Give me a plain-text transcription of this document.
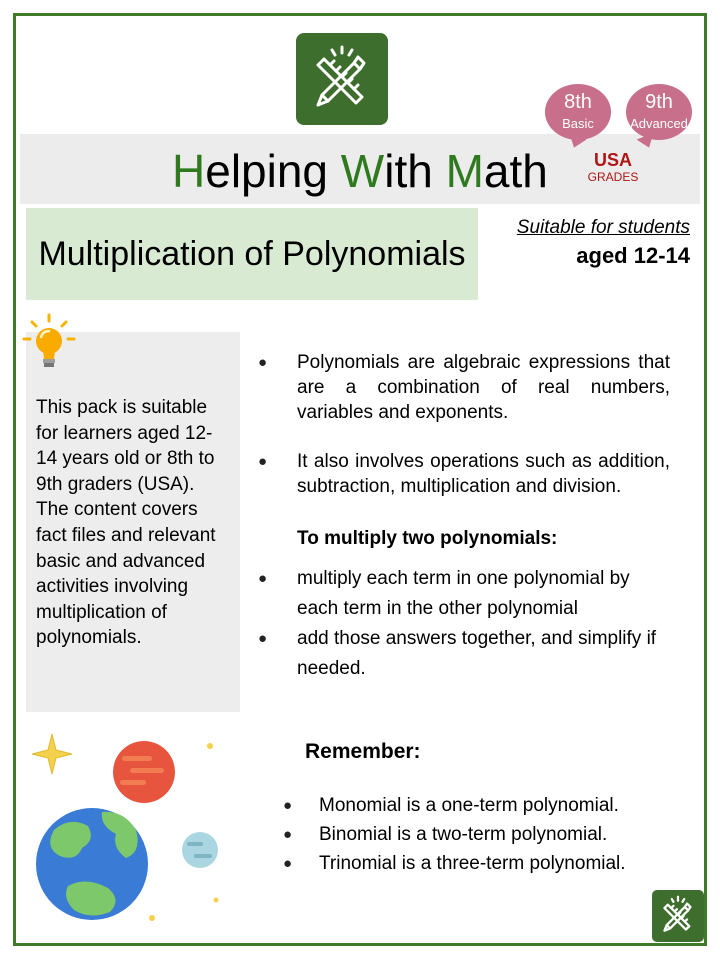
Helping With Math
8th
Basic
9th
Advanced
USA
GRADES
Multiplication of Polynomials
Suitable for students
aged 12-14
This pack is suitable for learners aged 12-14 years old or 8th to 9th graders (USA). The content covers fact files and relevant basic and advanced activities involving multiplication of polynomials.
● Polynomials are algebraic expressions that are a combination of real numbers, variables and exponents.
● It also involves operations such as addition, subtraction, multiplication and division.
To multiply two polynomials:
● multiply each term in one polynomial by each term in the other polynomial
● add those answers together, and simplify if needed.
Remember:
● Monomial is a one-term polynomial.
● Binomial is a two-term polynomial.
● Trinomial is a three-term polynomial.
